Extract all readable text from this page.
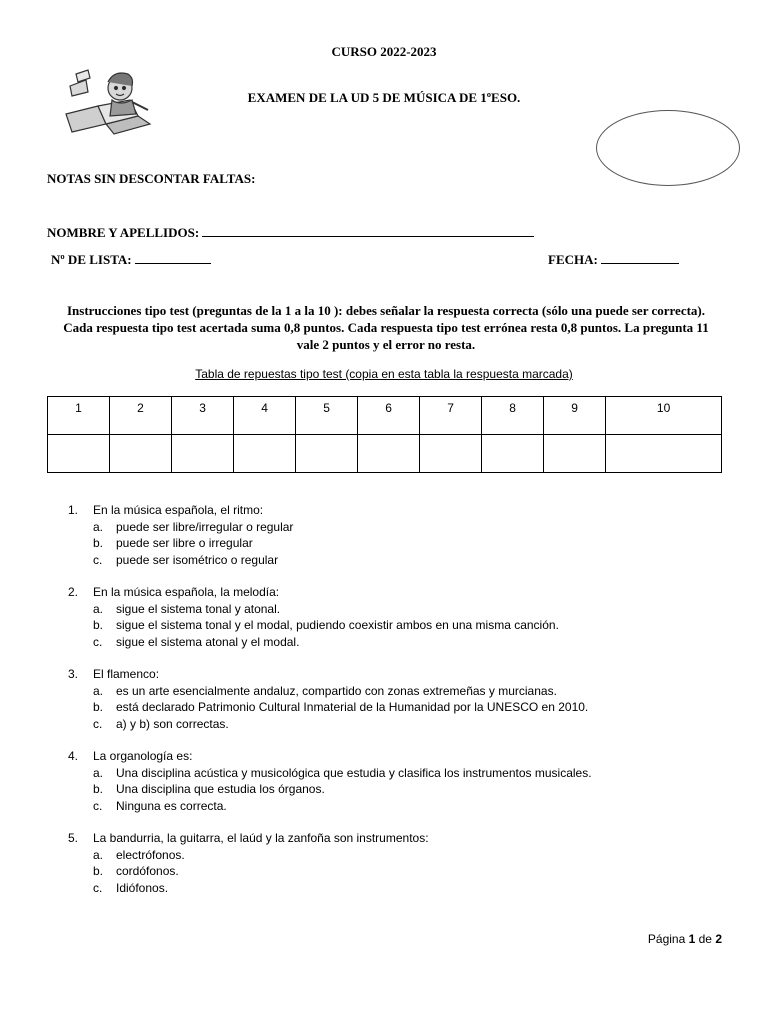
CURSO 2022-2023
EXAMEN DE LA UD 5 DE MÚSICA DE 1ºESO.
NOTAS SIN DESCONTAR FALTAS:
NOMBRE Y APELLIDOS:
Nº DE LISTA:	FECHA:
Instrucciones tipo test (preguntas de la 1 a la 10 ): debes señalar la respuesta correcta (sólo una puede ser correcta). Cada respuesta tipo test acertada suma 0,8 puntos. Cada respuesta tipo test errónea resta 0,8 puntos. La pregunta 11 vale 2 puntos y el error no resta.
Tabla de repuestas tipo test (copia en esta tabla la respuesta marcada)
1	2	3	4	5	6	7	8	9	10

1.	En la música española, el ritmo:
a.	puede ser libre/irregular o regular
b.	puede ser libre o irregular
c.	puede ser isométrico o regular
2.	En la música española, la melodía:
a.	sigue el sistema tonal y atonal.
b.	sigue el sistema tonal y el modal, pudiendo coexistir ambos en una misma canción.
c.	sigue el sistema atonal y el modal.
3.	El flamenco:
a.	es un arte esencialmente andaluz, compartido con zonas extremeñas y murcianas.
b.	está declarado Patrimonio Cultural Inmaterial de la Humanidad por la UNESCO en 2010.
c.	a) y b) son correctas.
4.	La organología es:
a.	Una disciplina acústica y musicológica que estudia y clasifica los instrumentos musicales.
b.	Una disciplina que estudia los órganos.
c.	Ninguna es correcta.
5.	La bandurria, la guitarra, el laúd y la zanfoña son instrumentos:
a.	electrófonos.
b.	cordófonos.
c.	Idiófonos.
Página 1 de 2
